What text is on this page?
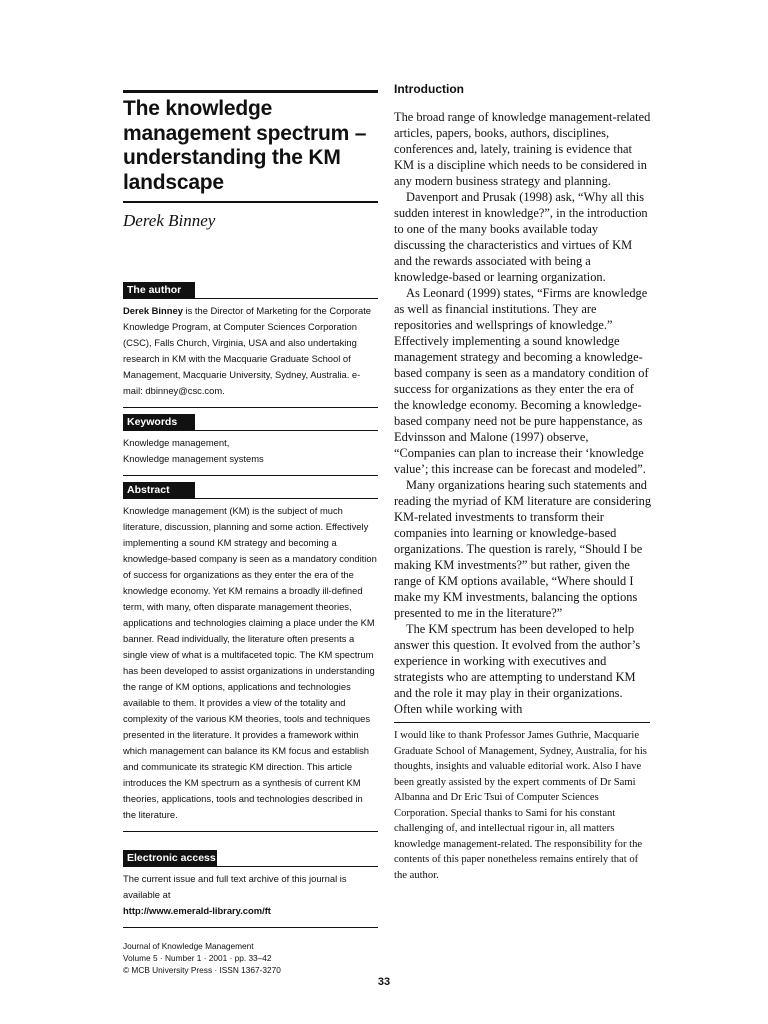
The knowledge management spectrum – understanding the KM landscape
Derek Binney
The author
Derek Binney is the Director of Marketing for the Corporate Knowledge Program, at Computer Sciences Corporation (CSC), Falls Church, Virginia, USA and also undertaking research in KM with the Macquarie Graduate School of Management, Macquarie University, Sydney, Australia. e-mail: dbinney@csc.com.
Keywords
Knowledge management,
Knowledge management systems
Abstract
Knowledge management (KM) is the subject of much literature, discussion, planning and some action. Effectively implementing a sound KM strategy and becoming a knowledge-based company is seen as a mandatory condition of success for organizations as they enter the era of the knowledge economy. Yet KM remains a broadly ill-defined term, with many, often disparate management theories, applications and technologies claiming a place under the KM banner. Read individually, the literature often presents a single view of what is a multifaceted topic. The KM spectrum has been developed to assist organizations in understanding the range of KM options, applications and technologies available to them. It provides a view of the totality and complexity of the various KM theories, tools and techniques presented in the literature. It provides a framework within which management can balance its KM focus and establish and communicate its strategic KM direction. This article introduces the KM spectrum as a synthesis of current KM theories, applications, tools and technologies described in the literature.
Electronic access
The current issue and full text archive of this journal is available at
http://www.emerald-library.com/ft
Journal of Knowledge Management
Volume 5 · Number 1 · 2001 · pp. 33–42
© MCB University Press · ISSN 1367-3270
Introduction

The broad range of knowledge management-related articles, papers, books, authors, disciplines, conferences and, lately, training is evidence that KM is a discipline which needs to be considered in any modern business strategy and planning.

Davenport and Prusak (1998) ask, “Why all this sudden interest in knowledge?”, in the introduction to one of the many books available today discussing the characteristics and virtues of KM and the rewards associated with being a knowledge-based or learning organization.

As Leonard (1999) states, “Firms are knowledge as well as financial institutions. They are repositories and wellsprings of knowledge.” Effectively implementing a sound knowledge management strategy and becoming a knowledge-based company is seen as a mandatory condition of success for organizations as they enter the era of the knowledge economy. Becoming a knowledge-based company need not be pure happenstance, as Edvinsson and Malone (1997) observe, “Companies can plan to increase their ‘knowledge value’; this increase can be forecast and modeled”.

Many organizations hearing such statements and reading the myriad of KM literature are considering KM-related investments to transform their companies into learning or knowledge-based organizations. The question is rarely, “Should I be making KM investments?” but rather, given the range of KM options available, “Where should I make my KM investments, balancing the options presented to me in the literature?”

The KM spectrum has been developed to help answer this question. It evolved from the author’s experience in working with executives and strategists who are attempting to understand KM and the role it may play in their organizations. Often while working with

I would like to thank Professor James Guthrie, Macquarie Graduate School of Management, Sydney, Australia, for his thoughts, insights and valuable editorial work. Also I have been greatly assisted by the expert comments of Dr Sami Albanna and Dr Eric Tsui of Computer Sciences Corporation. Special thanks to Sami for his constant challenging of, and intellectual rigour in, all matters knowledge management-related. The responsibility for the contents of this paper nonetheless remains entirely that of the author.
33
